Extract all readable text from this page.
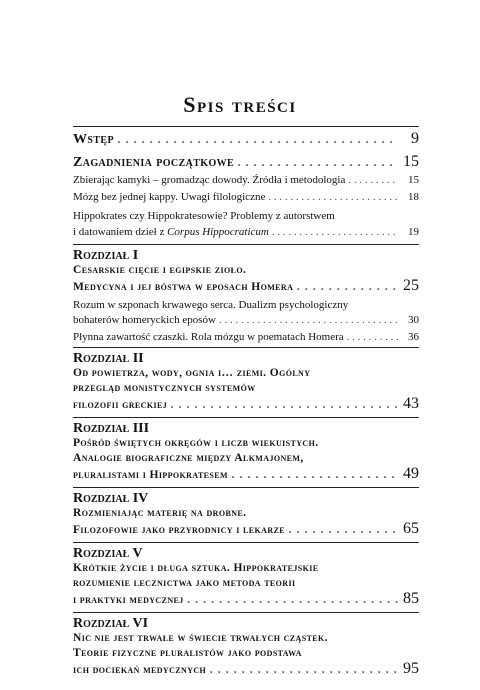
Spis treści
Wstęp . . .	9
Zagadnienia początkowe . . .	15
Zbierając kamyki – gromadząc dowody. Źródła i metodologia . . .	15
Mózg bez jednej kappy. Uwagi filologiczne . . .	18
Hippokrates czy Hippokratesowie? Problemy z autorstwem
i datowaniem dzieł z Corpus Hippocraticum . . .	19
Rozdział I
Cesarskie cięcie i egipskie zioło.
Medycyna i jej bóstwa w eposach Homera . . .	25
Rozum w szponach krwawego serca. Dualizm psychologiczny
bohaterów homeryckich eposów . . .	30
Płynna zawartość czaszki. Rola mózgu w poematach Homera . . .	36
Rozdział II
Od powietrza, wody, ognia i… ziemi. Ogólny
przegląd monistycznych systemów
filozofii greckiej . . .	43
Rozdział III
Pośród świętych okręgów i liczb wiekuistych.
Analogie biograficzne między Alkmajonem,
pluralistami i Hippokratesem . . .	49
Rozdział IV
Rozmieniając materię na drobne.
Filozofowie jako przyrodnicy i lekarze . . .	65
Rozdział V
Krótkie życie i długa sztuka. Hippokratejskie
rozumienie lecznictwa jako metoda teorii
i praktyki medycznej . . .	85
Rozdział VI
Nic nie jest trwałe w świecie trwałych cząstek.
Teorie fizyczne pluralistów jako podstawa
ich dociekań medycznych . . .	95
